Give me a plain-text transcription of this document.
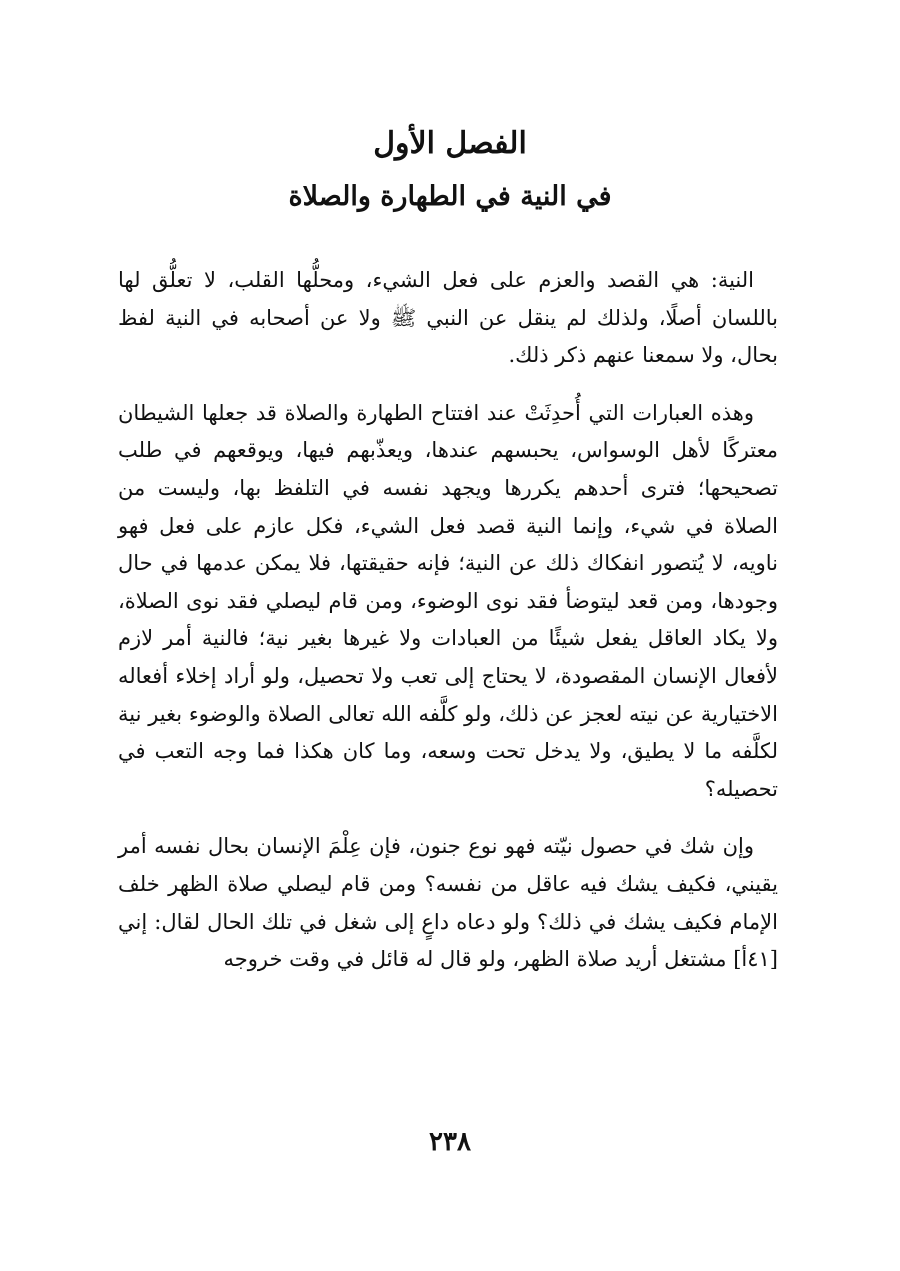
الفصل الأول
في النية في الطهارة والصلاة

النية: هي القصد والعزم على فعل الشيء، ومحلُّها القلب، لا تعلُّق لها باللسان أصلًا، ولذلك لم ينقل عن النبي ﷺ ولا عن أصحابه في النية لفظ بحال، ولا سمعنا عنهم ذكر ذلك.

وهذه العبارات التي أُحدِثَتْ عند افتتاح الطهارة والصلاة قد جعلها الشيطان معتركًا لأهل الوسواس، يحبسهم عندها، ويعذّبهم فيها، ويوقعهم في طلب تصحيحها؛ فترى أحدهم يكررها ويجهد نفسه في التلفظ بها، وليست من الصلاة في شيء، وإنما النية قصد فعل الشيء، فكل عازم على فعل فهو ناويه، لا يُتصور انفكاك ذلك عن النية؛ فإنه حقيقتها، فلا يمكن عدمها في حال وجودها، ومن قعد ليتوضأ فقد نوى الوضوء، ومن قام ليصلي فقد نوى الصلاة، ولا يكاد العاقل يفعل شيئًا من العبادات ولا غيرها بغير نية؛ فالنية أمر لازم لأفعال الإنسان المقصودة، لا يحتاج إلى تعب ولا تحصيل، ولو أراد إخلاء أفعاله الاختيارية عن نيته لعجز عن ذلك، ولو كلَّفه الله تعالى الصلاة والوضوء بغير نية لكلَّفه ما لا يطيق، ولا يدخل تحت وسعه، وما كان هكذا فما وجه التعب في تحصيله؟

وإن شك في حصول نيّته فهو نوع جنون، فإن عِلْمَ الإنسان بحال نفسه أمر يقيني، فكيف يشك فيه عاقل من نفسه؟ ومن قام ليصلي صلاة الظهر خلف الإمام فكيف يشك في ذلك؟ ولو دعاه داعٍ إلى شغل في تلك الحال لقال: إني [٤١أ] مشتغل أريد صلاة الظهر، ولو قال له قائل في وقت خروجه

٢٣٨
